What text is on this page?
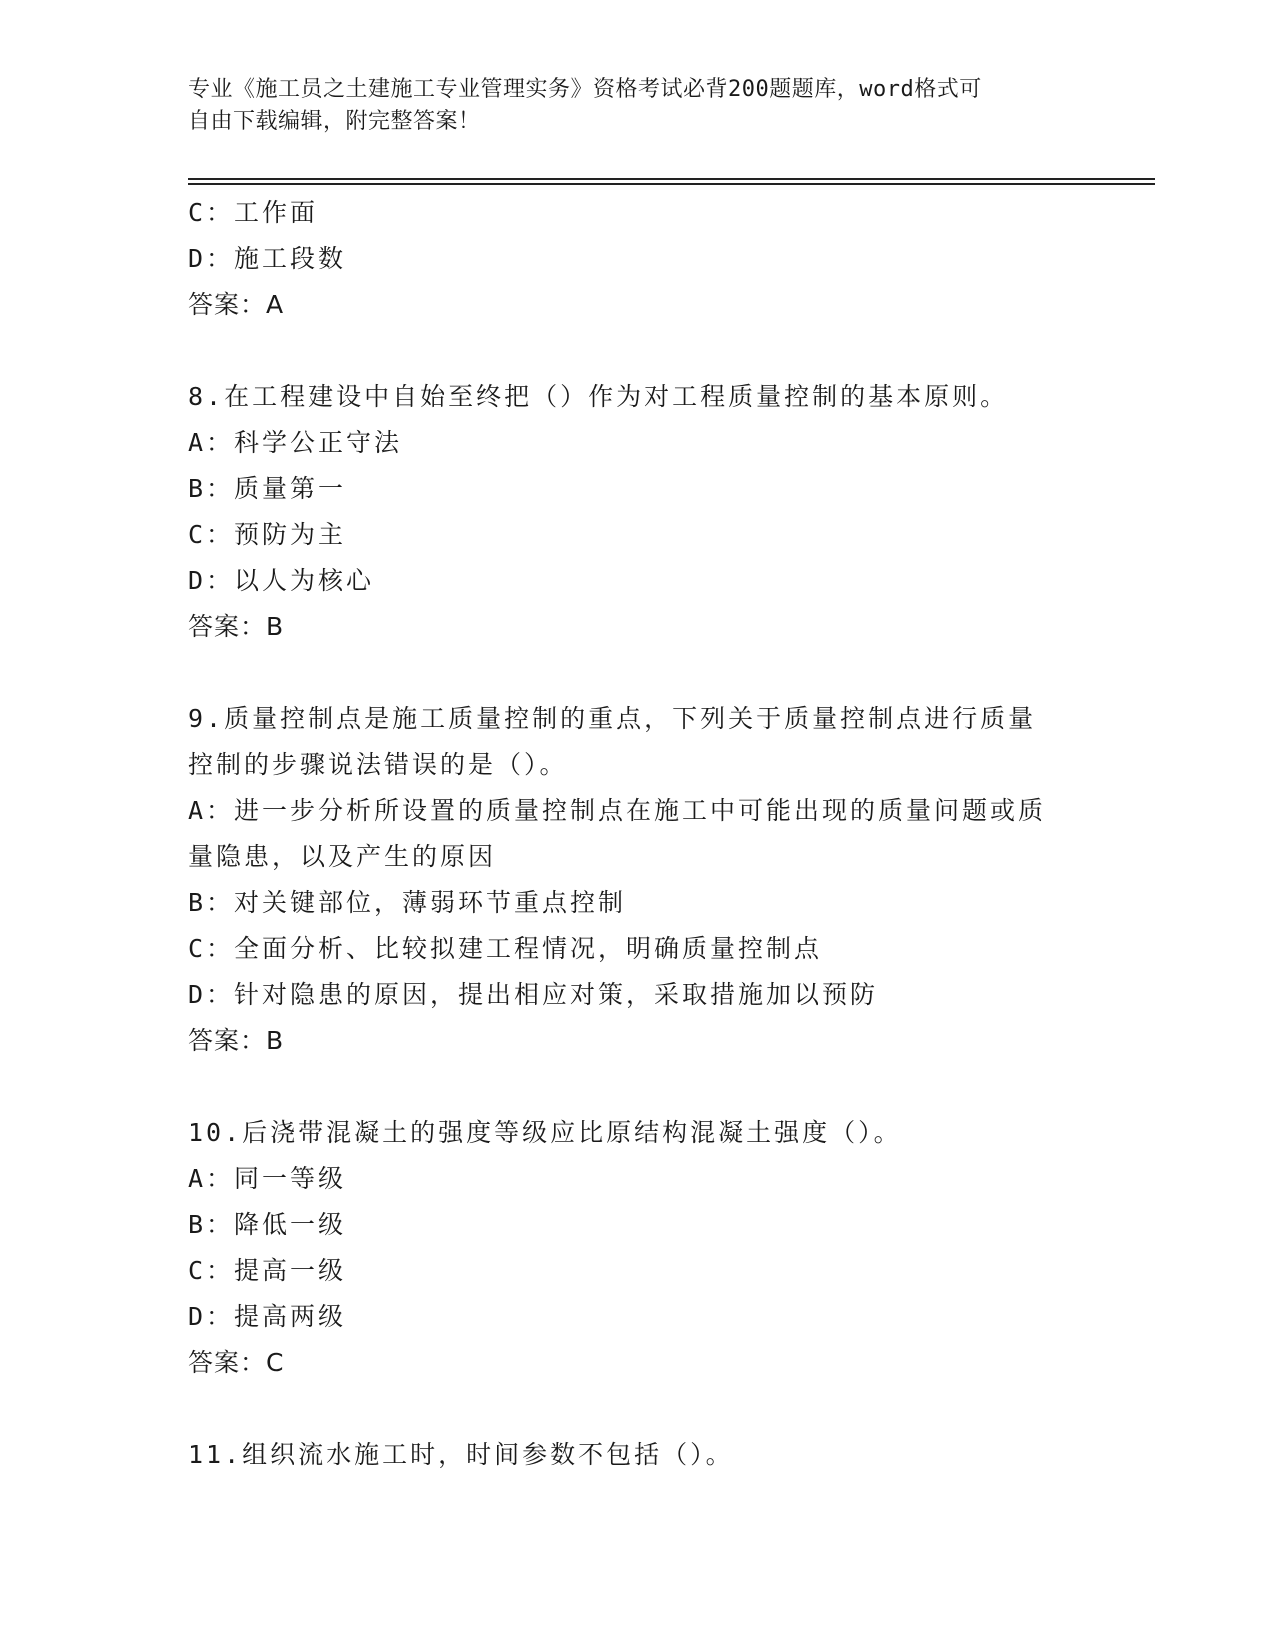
专业《施工员之土建施工专业管理实务》资格考试必背200题题库，word格式可
自由下载编辑，附完整答案！
C：工作面
D：施工段数
答案：A
8.在工程建设中自始至终把（）作为对工程质量控制的基本原则。
A：科学公正守法
B：质量第一
C：预防为主
D：以人为核心
答案：B
9.质量控制点是施工质量控制的重点，下列关于质量控制点进行质量
控制的步骤说法错误的是（）。
A：进一步分析所设置的质量控制点在施工中可能出现的质量问题或质
量隐患，以及产生的原因
B：对关键部位，薄弱环节重点控制
C：全面分析、比较拟建工程情况，明确质量控制点
D：针对隐患的原因，提出相应对策，采取措施加以预防
答案：B
10.后浇带混凝土的强度等级应比原结构混凝土强度（）。
A：同一等级
B：降低一级
C：提高一级
D：提高两级
答案：C
11.组织流水施工时，时间参数不包括（）。
